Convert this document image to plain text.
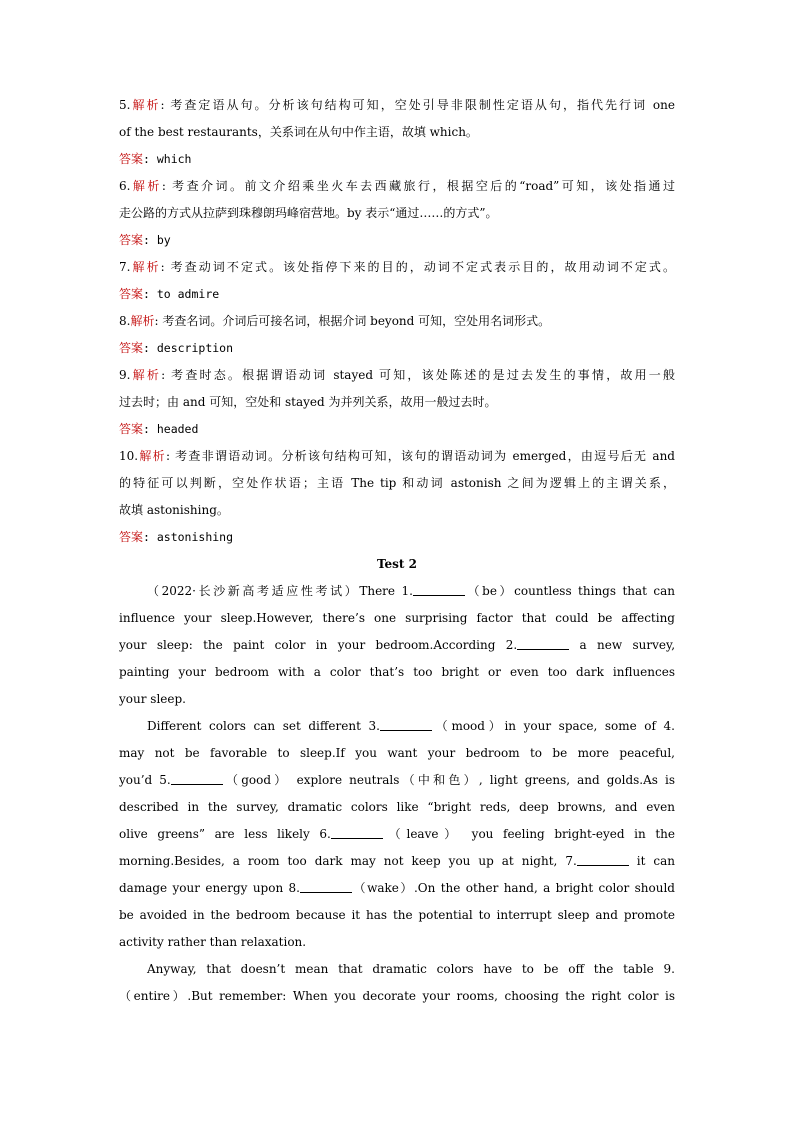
5.解析: 考查定语从句。分析该句结构可知，空处引导非限制性定语从句，指代先行词 one
of the best restaurants，关系词在从句中作主语，故填 which。
答案: which
6.解析: 考查介词。前文介绍乘坐火车去西藏旅行，根据空后的“road”可知，该处指通过
走公路的方式从拉萨到珠穆朗玛峰宿营地。by 表示“通过……的方式”。
答案: by
7.解析: 考查动词不定式。该处指停下来的目的，动词不定式表示目的，故用动词不定式。
答案: to admire
8.解析: 考查名词。介词后可接名词，根据介词 beyond 可知，空处用名词形式。
答案: description
9.解析: 考查时态。根据谓语动词 stayed 可知，该处陈述的是过去发生的事情，故用一般
过去时；由 and 可知，空处和 stayed 为并列关系，故用一般过去时。
答案: headed
10.解析: 考查非谓语动词。分析该句结构可知，该句的谓语动词为 emerged，由逗号后无 and
的特征可以判断，空处作状语；主语 The tip 和动词 astonish 之间为逻辑上的主谓关系，
故填 astonishing。
答案: astonishing
Test 2
（2022·长沙新高考适应性考试）There 1.	（be）countless things that can
influence your sleep.However, there’s one surprising factor that could be affecting
your sleep: the paint color in your bedroom.According 2.	a new survey,
painting your bedroom with a color that’s too bright or even too dark influences
your sleep.
Different colors can set different 3.	（mood）in your space, some of 4.
may not be favorable to sleep.If you want your bedroom to be more peaceful,
you’d 5.	（good） explore neutrals（中和色）, light greens, and golds.As is
described in the survey, dramatic colors like “bright reds, deep browns, and even
olive greens” are less likely 6.	（leave） you feeling bright-eyed in the
morning.Besides, a room too dark may not keep you up at night, 7.	it can
damage your energy upon 8.	（wake）.On the other hand, a bright color should
be avoided in the bedroom because it has the potential to interrupt sleep and promote
activity rather than relaxation.
Anyway, that doesn’t mean that dramatic colors have to be off the table 9.
（entire）.But remember: When you decorate your rooms, choosing the right color is
